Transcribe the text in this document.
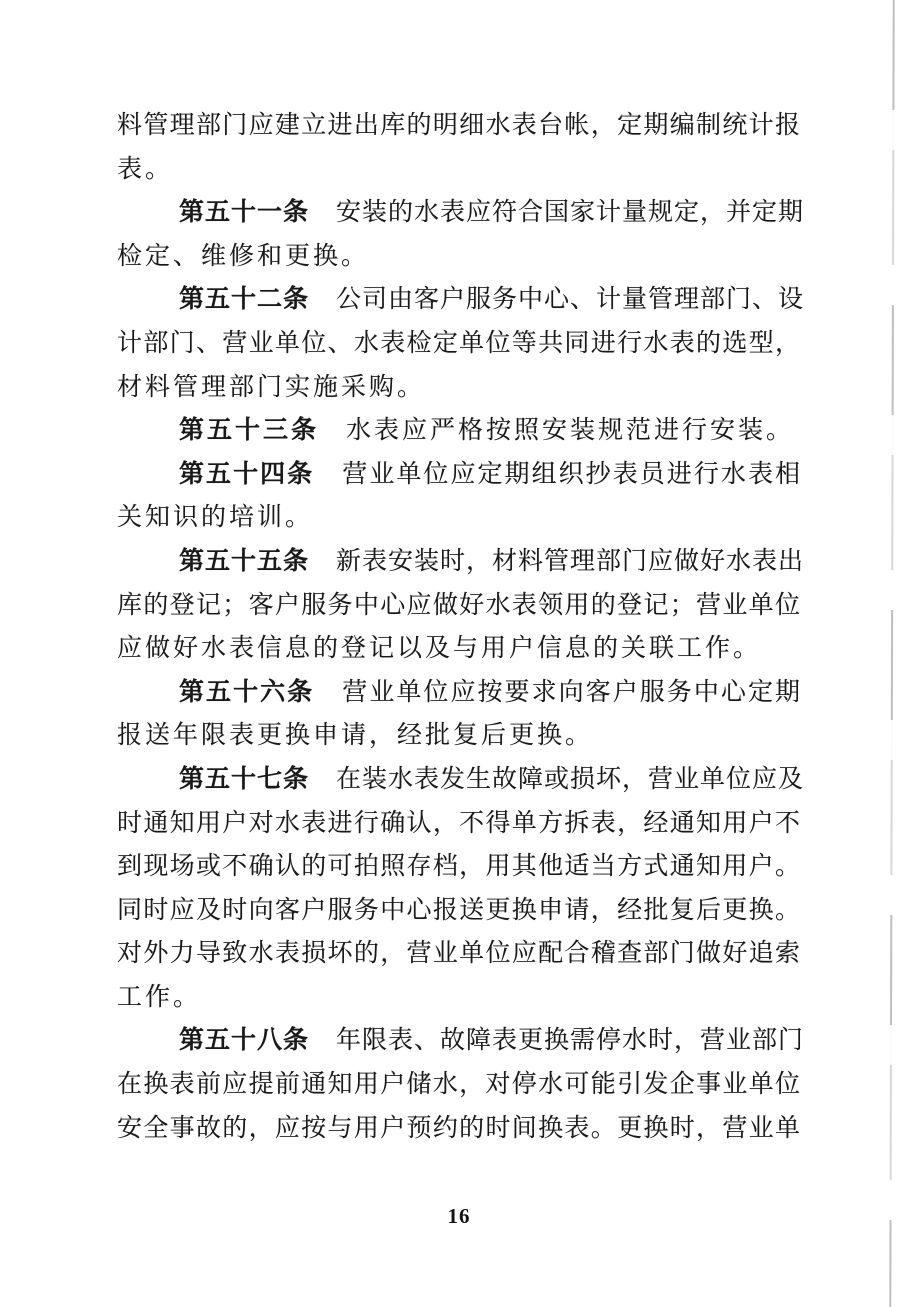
料管理部门应建立进出库的明细水表台帐，定期编制统计报
表。
第五十一条 安装的水表应符合国家计量规定，并定期
检定、维修和更换。
第五十二条 公司由客户服务中心、计量管理部门、设
计部门、营业单位、水表检定单位等共同进行水表的选型，
材料管理部门实施采购。
第五十三条 水表应严格按照安装规范进行安装。
第五十四条 营业单位应定期组织抄表员进行水表相
关知识的培训。
第五十五条 新表安装时，材料管理部门应做好水表出
库的登记；客户服务中心应做好水表领用的登记；营业单位
应做好水表信息的登记以及与用户信息的关联工作。
第五十六条 营业单位应按要求向客户服务中心定期
报送年限表更换申请，经批复后更换。
第五十七条 在装水表发生故障或损坏，营业单位应及
时通知用户对水表进行确认，不得单方拆表，经通知用户不
到现场或不确认的可拍照存档，用其他适当方式通知用户。
同时应及时向客户服务中心报送更换申请，经批复后更换。
对外力导致水表损坏的，营业单位应配合稽查部门做好追索
工作。
第五十八条 年限表、故障表更换需停水时，营业部门
在换表前应提前通知用户储水，对停水可能引发企事业单位
安全事故的，应按与用户预约的时间换表。更换时，营业单
16
